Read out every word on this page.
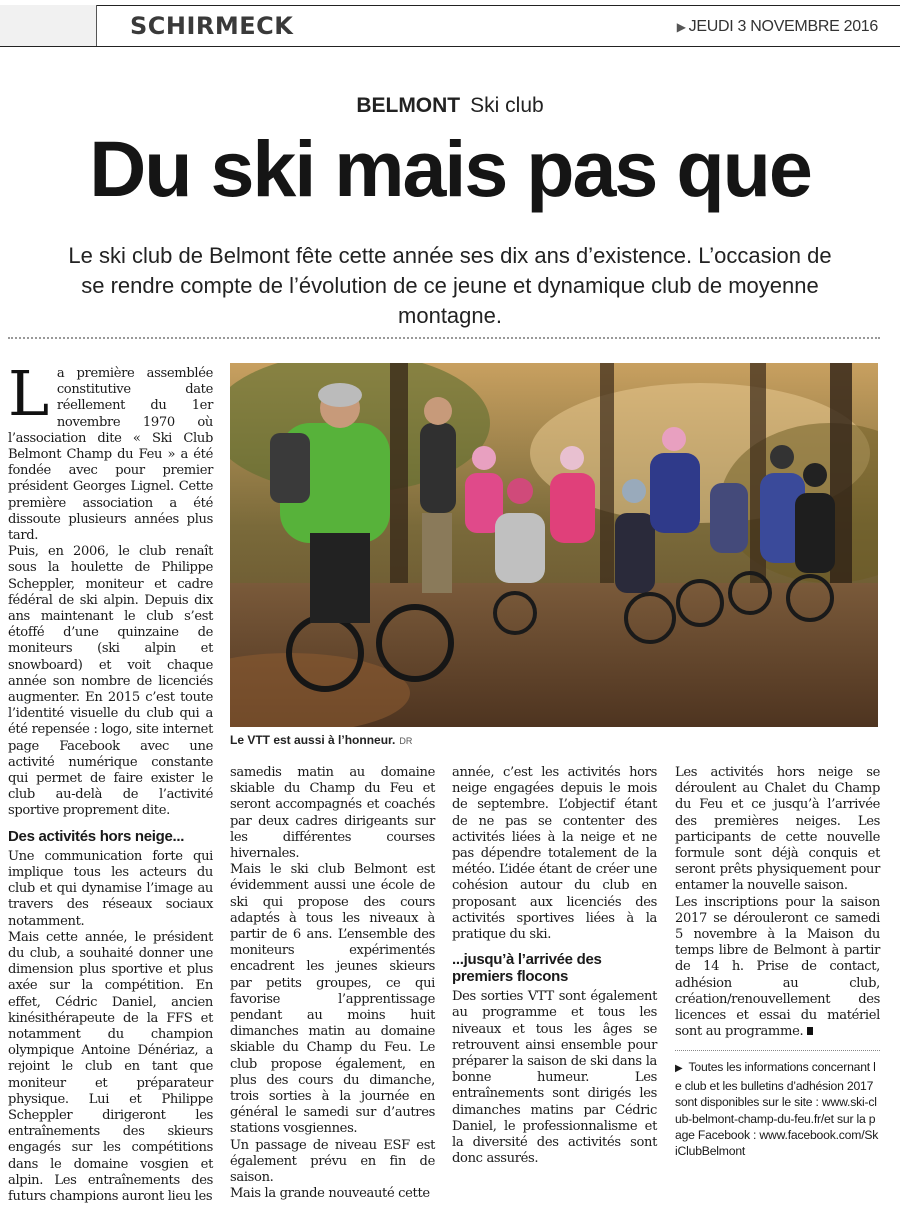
SCHIRMECK	▶ JEUDI 3 NOVEMBRE 2016
BELMONT Ski club
Du ski mais pas que
Le ski club de Belmont fête cette année ses dix ans d’existence. L’occasion de se rendre compte de l’évolution de ce jeune et dynamique club de moyenne montagne.

La première assemblée constitutive date réellement du 1er novembre 1970 où l’association dite « Ski Club Belmont Champ du Feu » a été fondée avec pour premier président Georges Lignel. Cette première association a été dissoute plusieurs années plus tard.

Puis, en 2006, le club renaît sous la houlette de Philippe Scheppler, moniteur et cadre fédéral de ski alpin. Depuis dix ans maintenant le club s’est étoffé d’une quinzaine de moniteurs (ski alpin et snowboard) et voit chaque année son nombre de licenciés augmenter. En 2015 c’est toute l’identité visuelle du club qui a été repensée : logo, site internet page Facebook avec une activité numérique constante qui permet de faire exister le club au-delà de l’activité sportive proprement dite.

Des activités hors neige...

Une communication forte qui implique tous les acteurs du club et qui dynamise l’image au travers des réseaux sociaux notamment.

Mais cette année, le président du club, a souhaité donner une dimension plus sportive et plus axée sur la compétition. En effet, Cédric Daniel, ancien kinésithérapeute de la FFS et notamment du champion olympique Antoine Dénériaz, a rejoint le club en tant que moniteur et préparateur physique. Lui et Philippe Scheppler dirigeront les entraînements des skieurs engagés sur les compétitions dans le domaine vosgien et alpin. Les entraînements des futurs champions auront lieu les

Le VTT est aussi à l’honneur. DR

samedis matin au domaine skiable du Champ du Feu et seront accompagnés et coachés par deux cadres dirigeants sur les différentes courses hivernales.

Mais le ski club Belmont est évidemment aussi une école de ski qui propose des cours adaptés à tous les niveaux à partir de 6 ans. L’ensemble des moniteurs expérimentés encadrent les jeunes skieurs par petits groupes, ce qui favorise l’apprentissage pendant au moins huit dimanches matin au domaine skiable du Champ du Feu. Le club propose également, en plus des cours du dimanche, trois sorties à la journée en général le samedi sur d’autres stations vosgiennes.

Un passage de niveau ESF est également prévu en fin de saison.

Mais la grande nouveauté cette

année, c’est les activités hors neige engagées depuis le mois de septembre. L’objectif étant de ne pas se contenter des activités liées à la neige et ne pas dépendre totalement de la météo. L’idée étant de créer une cohésion autour du club en proposant aux licenciés des activités sportives liées à la pratique du ski.

...jusqu’à l’arrivée des premiers flocons

Des sorties VTT sont également au programme et tous les niveaux et tous les âges se retrouvent ainsi ensemble pour préparer la saison de ski dans la bonne humeur. Les entraînements sont dirigés les dimanches matins par Cédric Daniel, le professionnalisme et la diversité des activités sont donc assurés.

Les activités hors neige se déroulent au Chalet du Champ du Feu et ce jusqu’à l’arrivée des premières neiges. Les participants de cette nouvelle formule sont déjà conquis et seront prêts physiquement pour entamer la nouvelle saison.

Les inscriptions pour la saison 2017 se dérouleront ce samedi 5 novembre à la Maison du temps libre de Belmont à partir de 14 h. Prise de contact, adhésion au club, création/renouvellement des licences et essai du matériel sont au programme.

▶ Toutes les informations concernant le club et les bulletins d’adhésion 2017 sont disponibles sur le site : www.ski-club-belmont-champ-du-feu.fr/et sur la page Facebook : www.facebook.com/SkiClubBelmont
